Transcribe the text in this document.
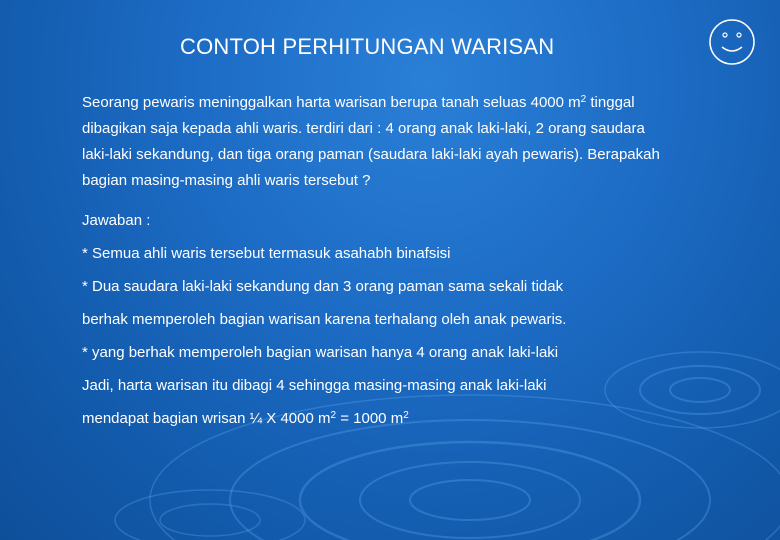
CONTOH PERHITUNGAN WARISAN
Seorang pewaris meninggalkan harta warisan berupa tanah seluas 4000 $m^2$ tinggal
dibagikan saja kepada ahli waris. terdiri dari : 4 orang anak laki-laki, 2 orang saudara
laki-laki sekandung, dan tiga orang paman (saudara laki-laki ayah pewaris). Berapakah
bagian masing-masing ahli waris tersebut ?
Jawaban :
* Semua ahli waris tersebut termasuk asahabh binafsisi
* Dua saudara laki-laki sekandung dan 3 orang paman sama sekali tidak
berhak memperoleh bagian warisan karena terhalang oleh anak pewaris.
* yang berhak memperoleh bagian warisan hanya 4 orang anak laki-laki
Jadi, harta warisan itu dibagi 4 sehingga masing-masing anak laki-laki
mendapat bagian wrisan ¼ X 4000 $m^2 = 1000$ $m^2$
